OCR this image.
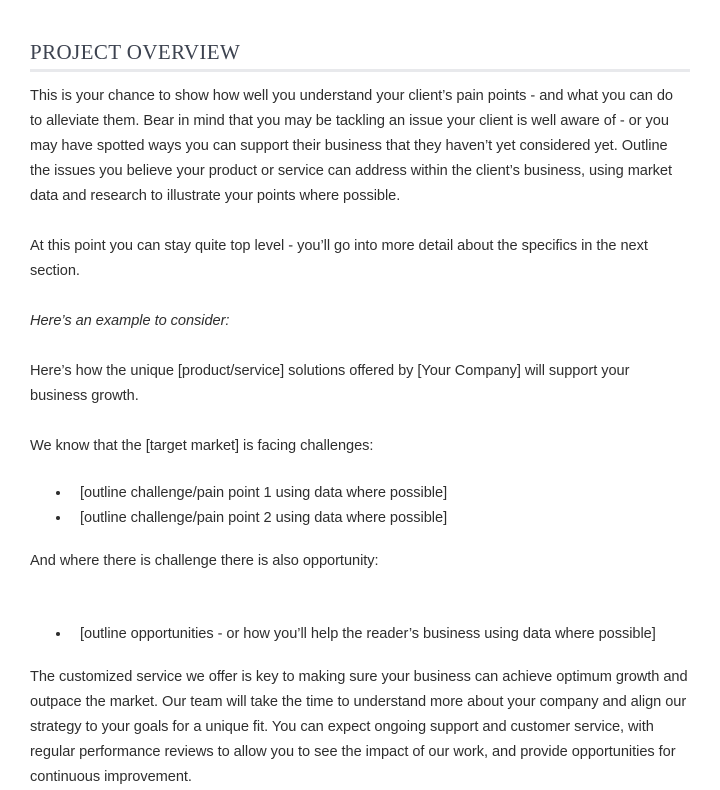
PROJECT OVERVIEW

This is your chance to show how well you understand your client’s pain points - and what you can do to alleviate them. Bear in mind that you may be tackling an issue your client is well aware of - or you may have spotted ways you can support their business that they haven’t yet considered yet. Outline the issues you believe your product or service can address within the client’s business, using market data and research to illustrate your points where possible.

At this point you can stay quite top level - you’ll go into more detail about the specifics in the next section.

Here’s an example to consider:

Here’s how the unique [product/service] solutions offered by [Your Company] will support your business growth.

We know that the [target market] is facing challenges:

[outline challenge/pain point 1 using data where possible]
[outline challenge/pain point 2 using data where possible]

And where there is challenge there is also opportunity:

[outline opportunities - or how you’ll help the reader’s business using data where possible]

The customized service we offer is key to making sure your business can achieve optimum growth and outpace the market. Our team will take the time to understand more about your company and align our strategy to your goals for a unique fit. You can expect ongoing support and customer service, with regular performance reviews to allow you to see the impact of our work, and provide opportunities for continuous improvement.
